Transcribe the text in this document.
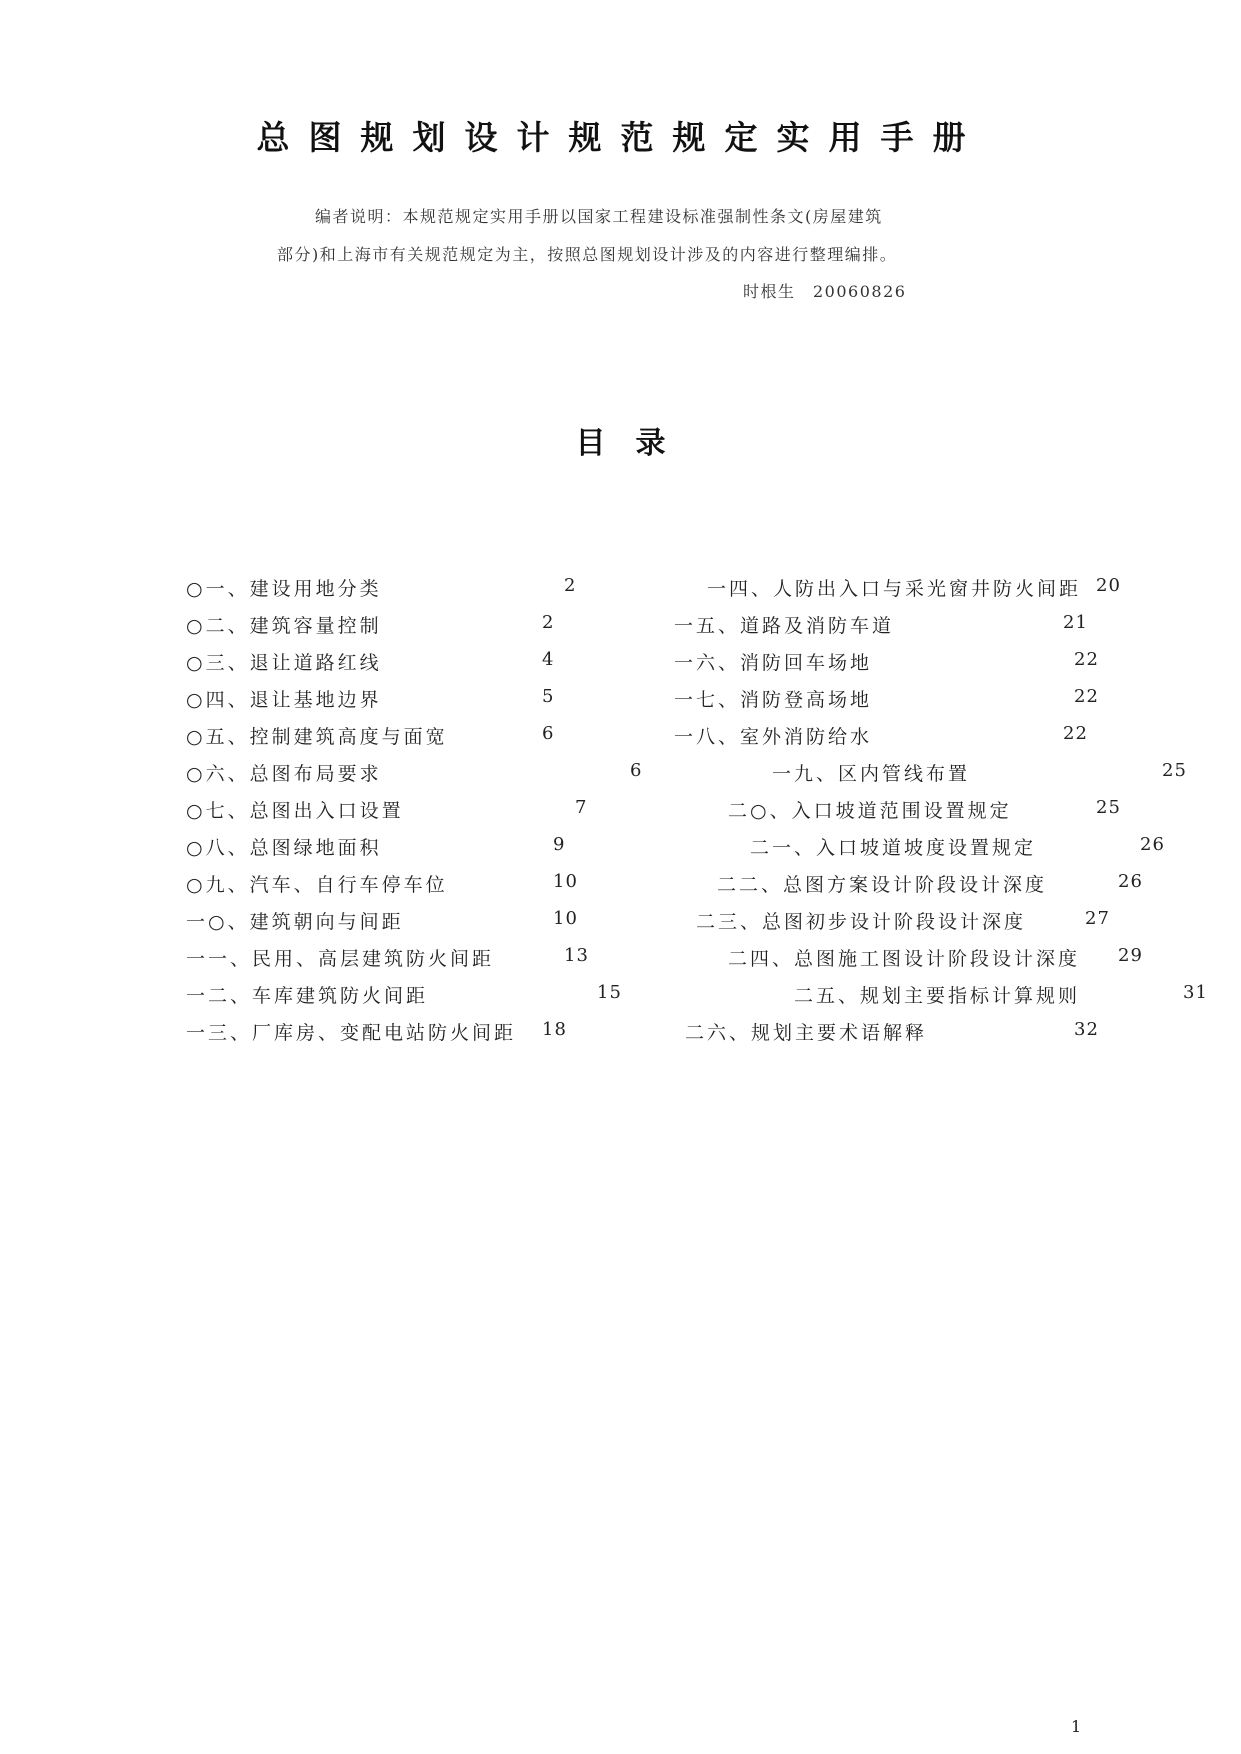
总图规划设计规范规定实用手册
编者说明：本规范规定实用手册以国家工程建设标准强制性条文(房屋建筑
部分)和上海市有关规范规定为主，按照总图规划设计涉及的内容进行整理编排。
时根生　20060826
目　录
○一、建设用地分类	2
○二、建筑容量控制	2
○三、退让道路红线	4
○四、退让基地边界	5
○五、控制建筑高度与面宽	6
○六、总图布局要求	6
○七、总图出入口设置	7
○八、总图绿地面积	9
○九、汽车、自行车停车位	10
一○、建筑朝向与间距	10
一一、民用、高层建筑防火间距	13
一二、车库建筑防火间距	15
一三、厂库房、变配电站防火间距 18
一四、人防出入口与采光窗井防火间距 20
一五、道路及消防车道	21
一六、消防回车场地	22
一七、消防登高场地	22
一八、室外消防给水	22
一九、区内管线布置	25
二○、入口坡道范围设置规定	25
二一、入口坡道坡度设置规定	26
二二、总图方案设计阶段设计深度	26
二三、总图初步设计阶段设计深度	27
二四、总图施工图设计阶段设计深度 29
二五、规划主要指标计算规则	31
二六、规划主要术语解释	32
1
